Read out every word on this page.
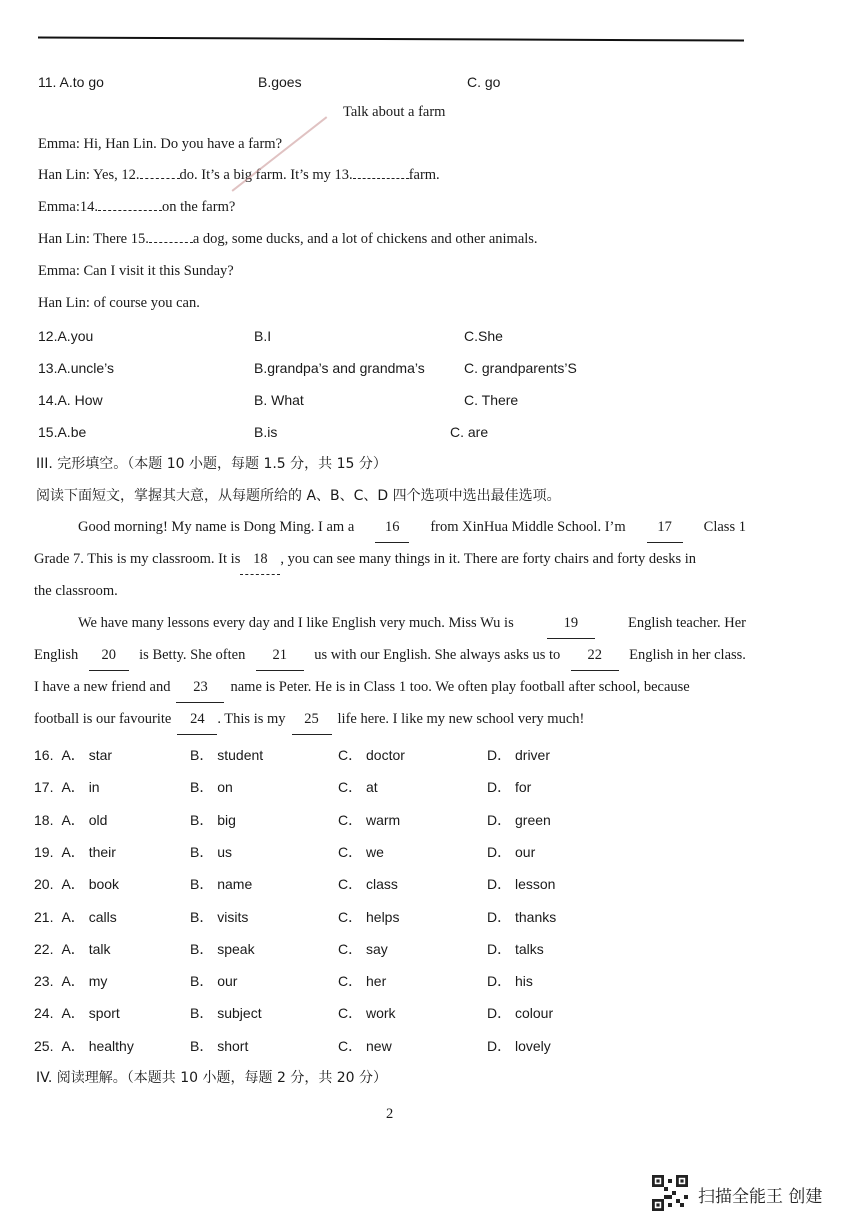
11. A.to go	B.goes	C. go
Talk about a farm
Emma: Hi, Han Lin. Do you have a farm?
Han Lin: Yes, 12.	do. It’s a big farm. It’s my 13.	farm.
Emma:14.	on the farm?
Han Lin: There 15.	a dog, some ducks, and a lot of chickens and other animals.
Emma: Can I visit it this Sunday?
Han Lin: of course you can.
12.A.you	B.I	C.She
13.A.uncle’s	B.grandpa’s and grandma’s	C. grandparents’S
14.A. How	B. What	C. There
15.A.be	B.is	C. are
III. 完形填空。（本题 10 小题，每题 1.5 分，共 15 分）
阅读下面短文，掌握其大意，从每题所给的 A、B、C、D 四个选项中选出最佳选项。
Good morning! My name is Dong Ming. I am a	16	from XinHua Middle School. I’m	17	Class 1
Grade 7. This is my classroom. It is 18 , you can see many things in it. There are forty chairs and forty desks in
the classroom.
We have many lessons every day and I like English very much. Miss Wu is	19	English teacher. Her
English	20	is Betty. She often	21	us with our English. She always asks us to	22	English in her class.
I have a new friend and	23	name is Peter. He is in Class 1 too. We often play football after school, because
football is our favourite	24 . This is my	25	life here. I like my new school very much!
16. A． star	B． student	C． doctor	D． driver
17. A． in	B． on	C． at	D． for
18. A． old	B． big	C． warm	D． green
19. A． their	B． us	C． we	D． our
20. A． book	B． name	C． class	D． lesson
21. A． calls	B． visits	C． helps	D． thanks
22. A． talk	B． speak	C． say	D． talks
23. A． my	B． our	C． her	D． his
24. A． sport	B． subject	C． work	D． colour
25. A． healthy	B． short	C． new	D． lovely
IV. 阅读理解。（本题共 10 小题，每题 2 分，共 20 分）
2
扫描全能王 创建
